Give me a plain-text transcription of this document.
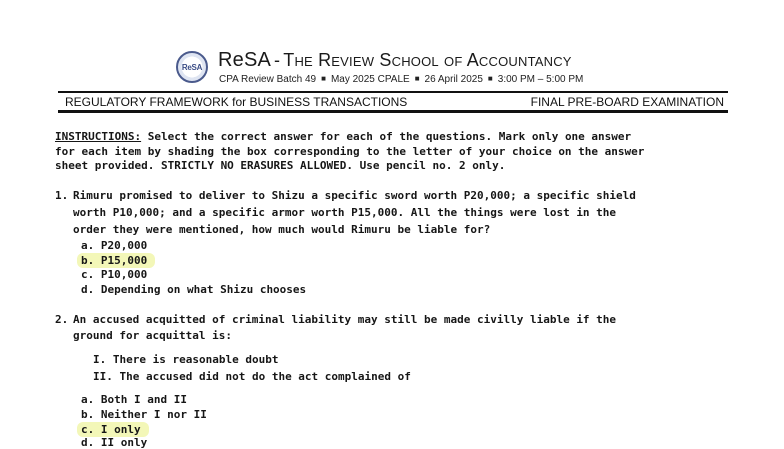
ReSA ReSA - The Review School of Accountancy
CPA Review Batch 49 ■ May 2025 CPALE ■ 26 April 2025 ■ 3:00 PM – 5:00 PM
REGULATORY FRAMEWORK for BUSINESS TRANSACTIONS	FINAL PRE-BOARD EXAMINATION
INSTRUCTIONS: Select the correct answer for each of the questions. Mark only one answer
for each item by shading the box corresponding to the letter of your choice on the answer
sheet provided. STRICTLY NO ERASURES ALLOWED. Use pencil no. 2 only.
1. Rimuru promised to deliver to Shizu a specific sword worth P20,000; a specific shield
worth P10,000; and a specific armor worth P15,000. All the things were lost in the
order they were mentioned, how much would Rimuru be liable for?
a. P20,000
b. P15,000
c. P10,000
d. Depending on what Shizu chooses
2. An accused acquitted of criminal liability may still be made civilly liable if the
ground for acquittal is:
I. There is reasonable doubt
II. The accused did not do the act complained of
a. Both I and II
b. Neither I nor II
c. I only
d. II only
